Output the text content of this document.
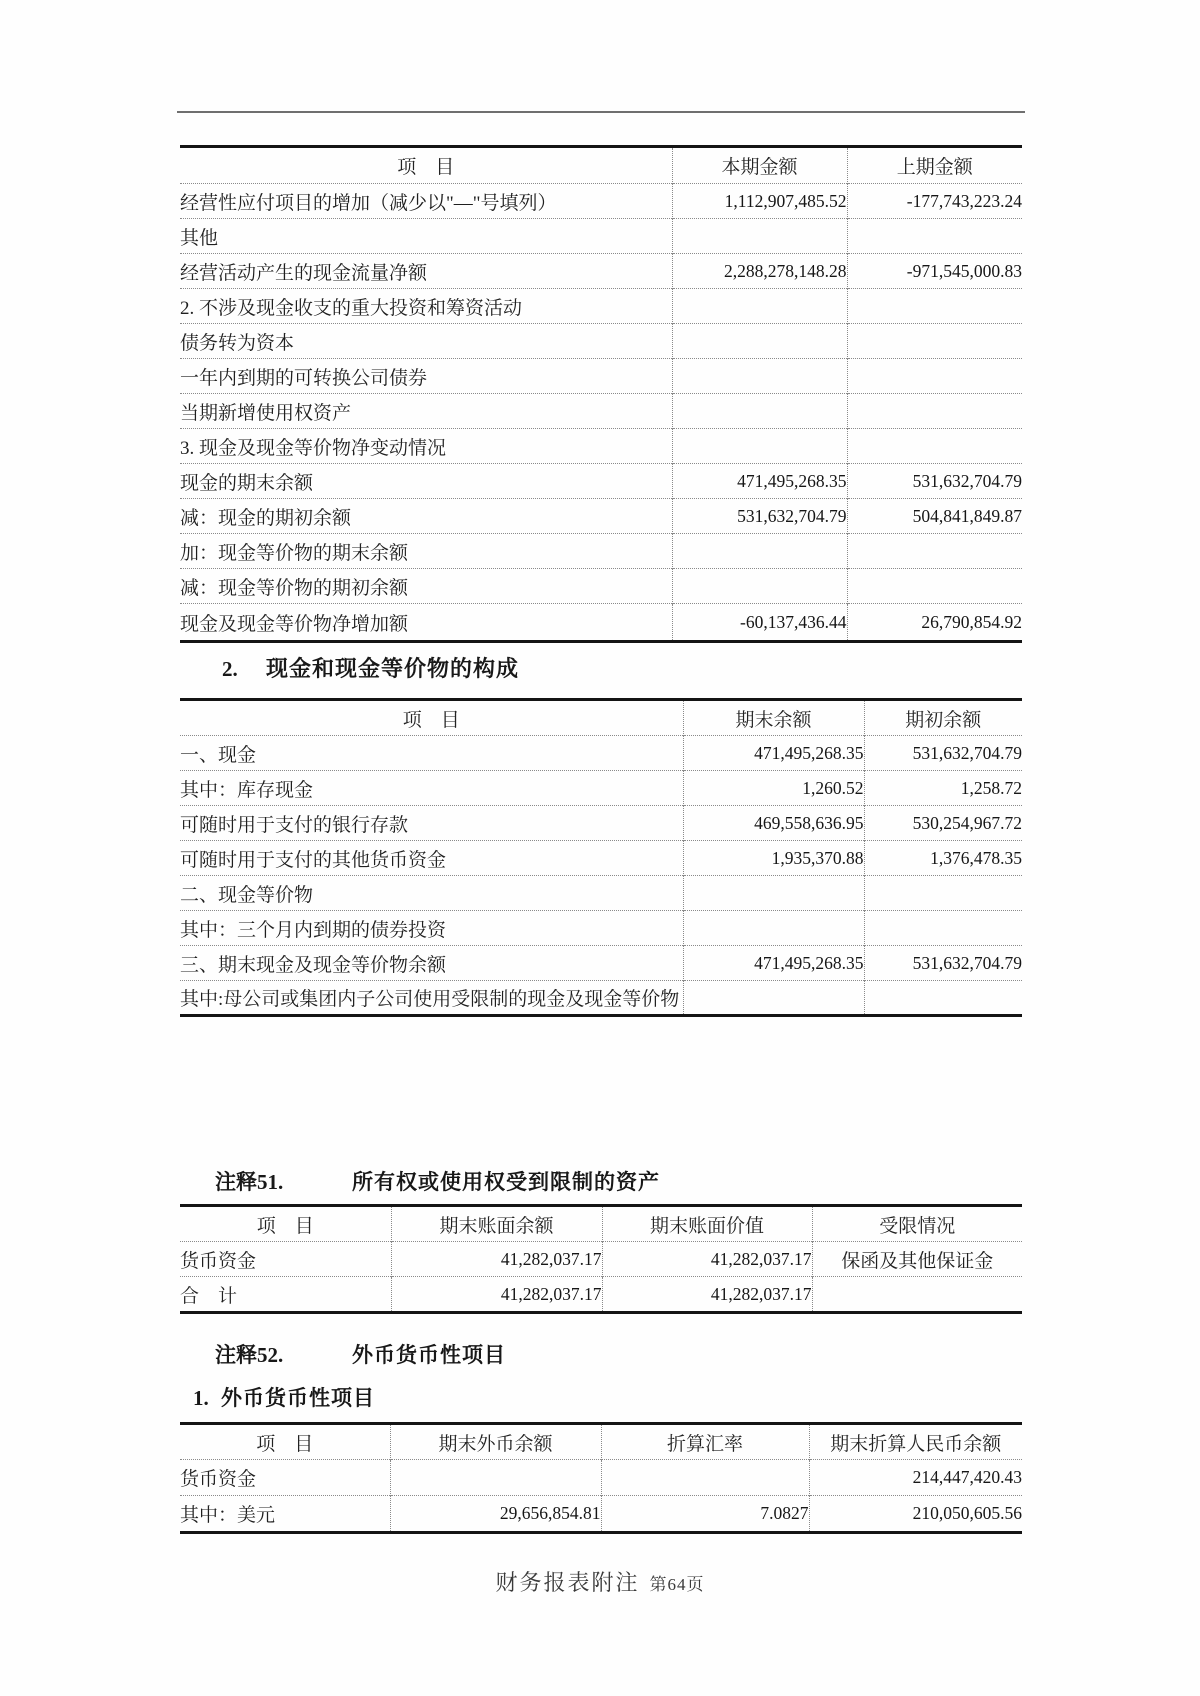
项　目	本期金额	上期金额
经营性应付项目的增加（减少以"—"号填列）	1,112,907,485.52	-177,743,223.24
其他		
经营活动产生的现金流量净额	2,288,278,148.28	-971,545,000.83
2. 不涉及现金收支的重大投资和筹资活动		
债务转为资本		
一年内到期的可转换公司债券		
当期新增使用权资产		
3. 现金及现金等价物净变动情况		
现金的期末余额	471,495,268.35	531,632,704.79
减：现金的期初余额	531,632,704.79	504,841,849.87
加：现金等价物的期末余额		
减：现金等价物的期初余额		
现金及现金等价物净增加额	-60,137,436.44	26,790,854.92
2. 现金和现金等价物的构成
项　目	期末余额	期初余额
一、现金	471,495,268.35	531,632,704.79
其中：库存现金	1,260.52	1,258.72
可随时用于支付的银行存款	469,558,636.95	530,254,967.72
可随时用于支付的其他货币资金	1,935,370.88	1,376,478.35
二、现金等价物		
其中：三个月内到期的债券投资		
三、期末现金及现金等价物余额	471,495,268.35	531,632,704.79
其中:母公司或集团内子公司使用受限制的现金及现金等价物		
注释51.	所有权或使用权受到限制的资产
项　目	期末账面余额	期末账面价值	受限情况
货币资金	41,282,037.17	41,282,037.17	保函及其他保证金
合　计	41,282,037.17	41,282,037.17	
注释52.	外币货币性项目
1. 外币货币性项目
项　目	期末外币余额	折算汇率	期末折算人民币余额
货币资金			214,447,420.43
其中：美元	29,656,854.81	7.0827	210,050,605.56
财务报表附注 第64页
